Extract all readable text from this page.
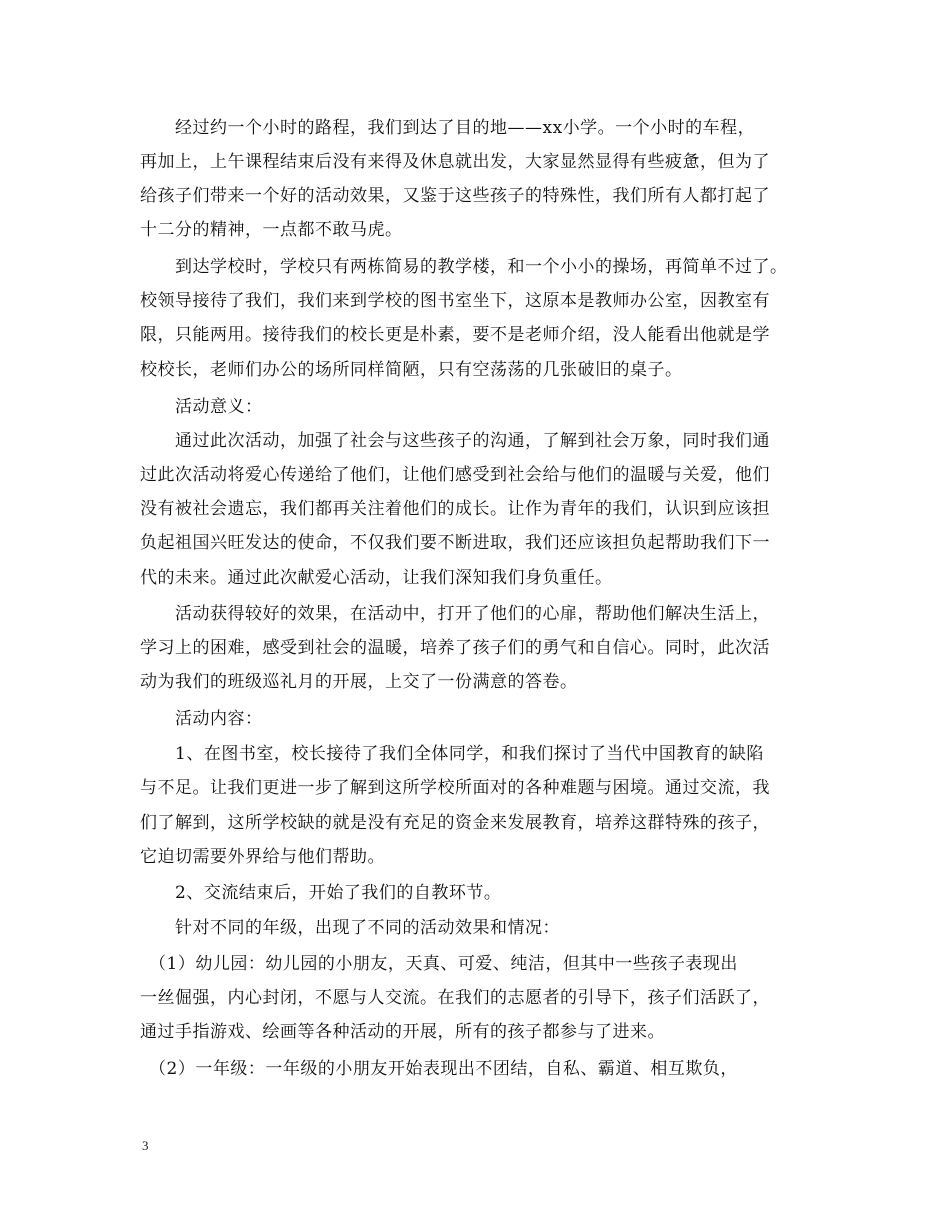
　　经过约一个小时的路程，我们到达了目的地——xx小学。一个小时的车程，
再加上，上午课程结束后没有来得及休息就出发，大家显然显得有些疲惫，但为了
给孩子们带来一个好的活动效果，又鉴于这些孩子的特殊性，我们所有人都打起了
十二分的精神，一点都不敢马虎。
　　到达学校时，学校只有两栋简易的教学楼，和一个小小的操场，再简单不过了。
校领导接待了我们，我们来到学校的图书室坐下，这原本是教师办公室，因教室有
限，只能两用。接待我们的校长更是朴素，要不是老师介绍，没人能看出他就是学
校校长，老师们办公的场所同样简陋，只有空荡荡的几张破旧的桌子。
　　活动意义：
　　通过此次活动，加强了社会与这些孩子的沟通，了解到社会万象，同时我们通
过此次活动将爱心传递给了他们，让他们感受到社会给与他们的温暖与关爱，他们
没有被社会遗忘，我们都再关注着他们的成长。让作为青年的我们，认识到应该担
负起祖国兴旺发达的使命，不仅我们要不断进取，我们还应该担负起帮助我们下一
代的未来。通过此次献爱心活动，让我们深知我们身负重任。
　　活动获得较好的效果，在活动中，打开了他们的心扉，帮助他们解决生活上，
学习上的困难，感受到社会的温暖，培养了孩子们的勇气和自信心。同时，此次活
动为我们的班级巡礼月的开展，上交了一份满意的答卷。
　　活动内容：
　　1、在图书室，校长接待了我们全体同学，和我们探讨了当代中国教育的缺陷
与不足。让我们更进一步了解到这所学校所面对的各种难题与困境。通过交流，我
们了解到，这所学校缺的就是没有充足的资金来发展教育，培养这群特殊的孩子，
它迫切需要外界给与他们帮助。
　　2、交流结束后，开始了我们的自教环节。
　　针对不同的年级，出现了不同的活动效果和情况：
　（1）幼儿园：幼儿园的小朋友，天真、可爱、纯洁，但其中一些孩子表现出
一丝倔强，内心封闭，不愿与人交流。在我们的志愿者的引导下，孩子们活跃了，
通过手指游戏、绘画等各种活动的开展，所有的孩子都参与了进来。
　（2）一年级：一年级的小朋友开始表现出不团结，自私、霸道、相互欺负，
3
